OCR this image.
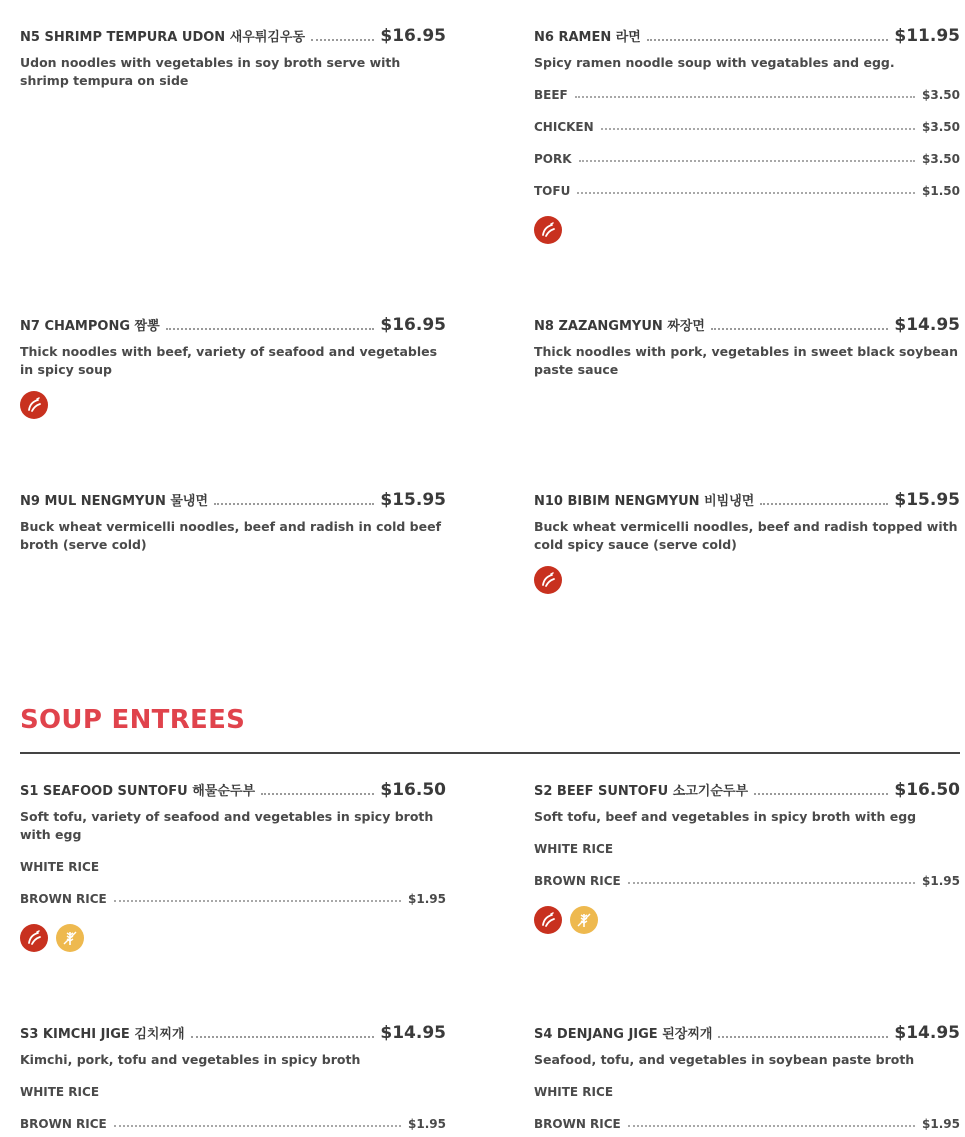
N5 SHRIMP TEMPURA UDON 새우튀김우동	$16.95
Udon noodles with vegetables in soy broth serve with shrimp tempura on side
N6 RAMEN 라면	$11.95
Spicy ramen noodle soup with vegatables and egg.
BEEF	$3.50
CHICKEN	$3.50
PORK	$3.50
TOFU	$1.50
N7 CHAMPONG 짬뽕	$16.95
Thick noodles with beef, variety of seafood and vegetables in spicy soup
N8 ZAZANGMYUN 짜장면	$14.95
Thick noodles with pork, vegetables in sweet black soybean paste sauce
N9 MUL NENGMYUN 물냉면	$15.95
Buck wheat vermicelli noodles, beef and radish in cold beef broth (serve cold)
N10 BIBIM NENGMYUN 비빔냉면	$15.95
Buck wheat vermicelli noodles, beef and radish topped with cold spicy sauce (serve cold)
SOUP ENTREES
S1 SEAFOOD SUNTOFU 해물순두부	$16.50
Soft tofu, variety of seafood and vegetables in spicy broth with egg
WHITE RICE
BROWN RICE	$1.95
S2 BEEF SUNTOFU 소고기순두부	$16.50
Soft tofu, beef and vegetables in spicy broth with egg
WHITE RICE
BROWN RICE	$1.95
S3 KIMCHI JIGE 김치찌개	$14.95
Kimchi, pork, tofu and vegetables in spicy broth
WHITE RICE
BROWN RICE	$1.95
S4 DENJANG JIGE 된장찌개	$14.95
Seafood, tofu, and vegetables in soybean paste broth
WHITE RICE
BROWN RICE	$1.95
